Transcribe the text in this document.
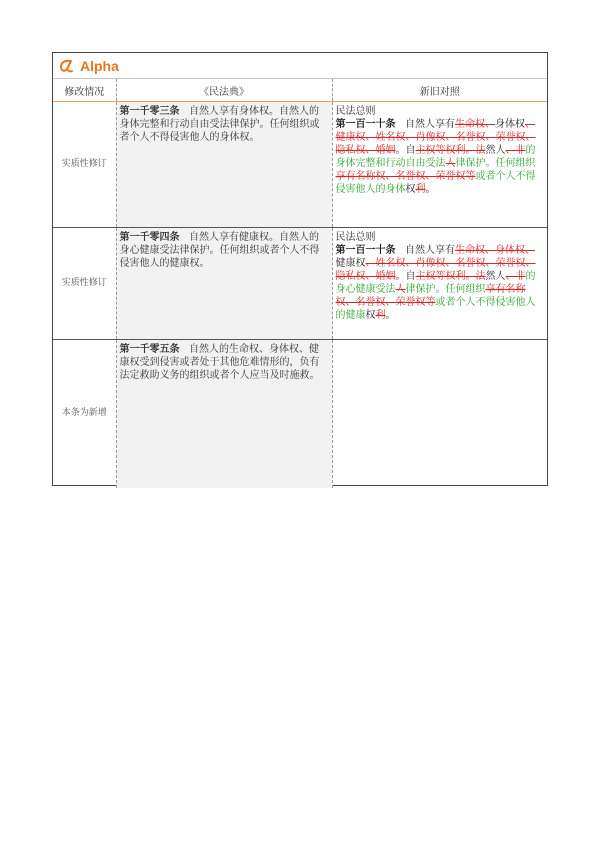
Alpha
修改情况	《民法典》	新旧对照
实质性修订	第一千零三条 自然人享有身体权。自然人的身体完整和行动自由受法律保护。任何组织或者个人不得侵害他人的身体权。	民法总则
第一百一十条 自然人享有生命权、身体权、健康权、姓名权、肖像权、名誉权、荣誉权、隐私权、婚姻。自主权等权利。法然人、非的身体完整和行动自由受法人律保护。任何组织享有名称权、名誉权、荣誉权等或者个人不得侵害他人的身体权利。
实质性修订	第一千零四条 自然人享有健康权。自然人的身心健康受法律保护。任何组织或者个人不得侵害他人的健康权。	民法总则
第一百一十条 自然人享有生命权、身体权、健康权、姓名权、肖像权、名誉权、荣誉权、隐私权、婚姻。自主权等权利。法然人、非的身心健康受法人律保护。任何组织享有名称权、名誉权、荣誉权等或者个人不得侵害他人的健康权利。
本条为新增	第一千零五条 自然人的生命权、身体权、健康权受到侵害或者处于其他危难情形的，负有法定救助义务的组织或者个人应当及时施救。	
